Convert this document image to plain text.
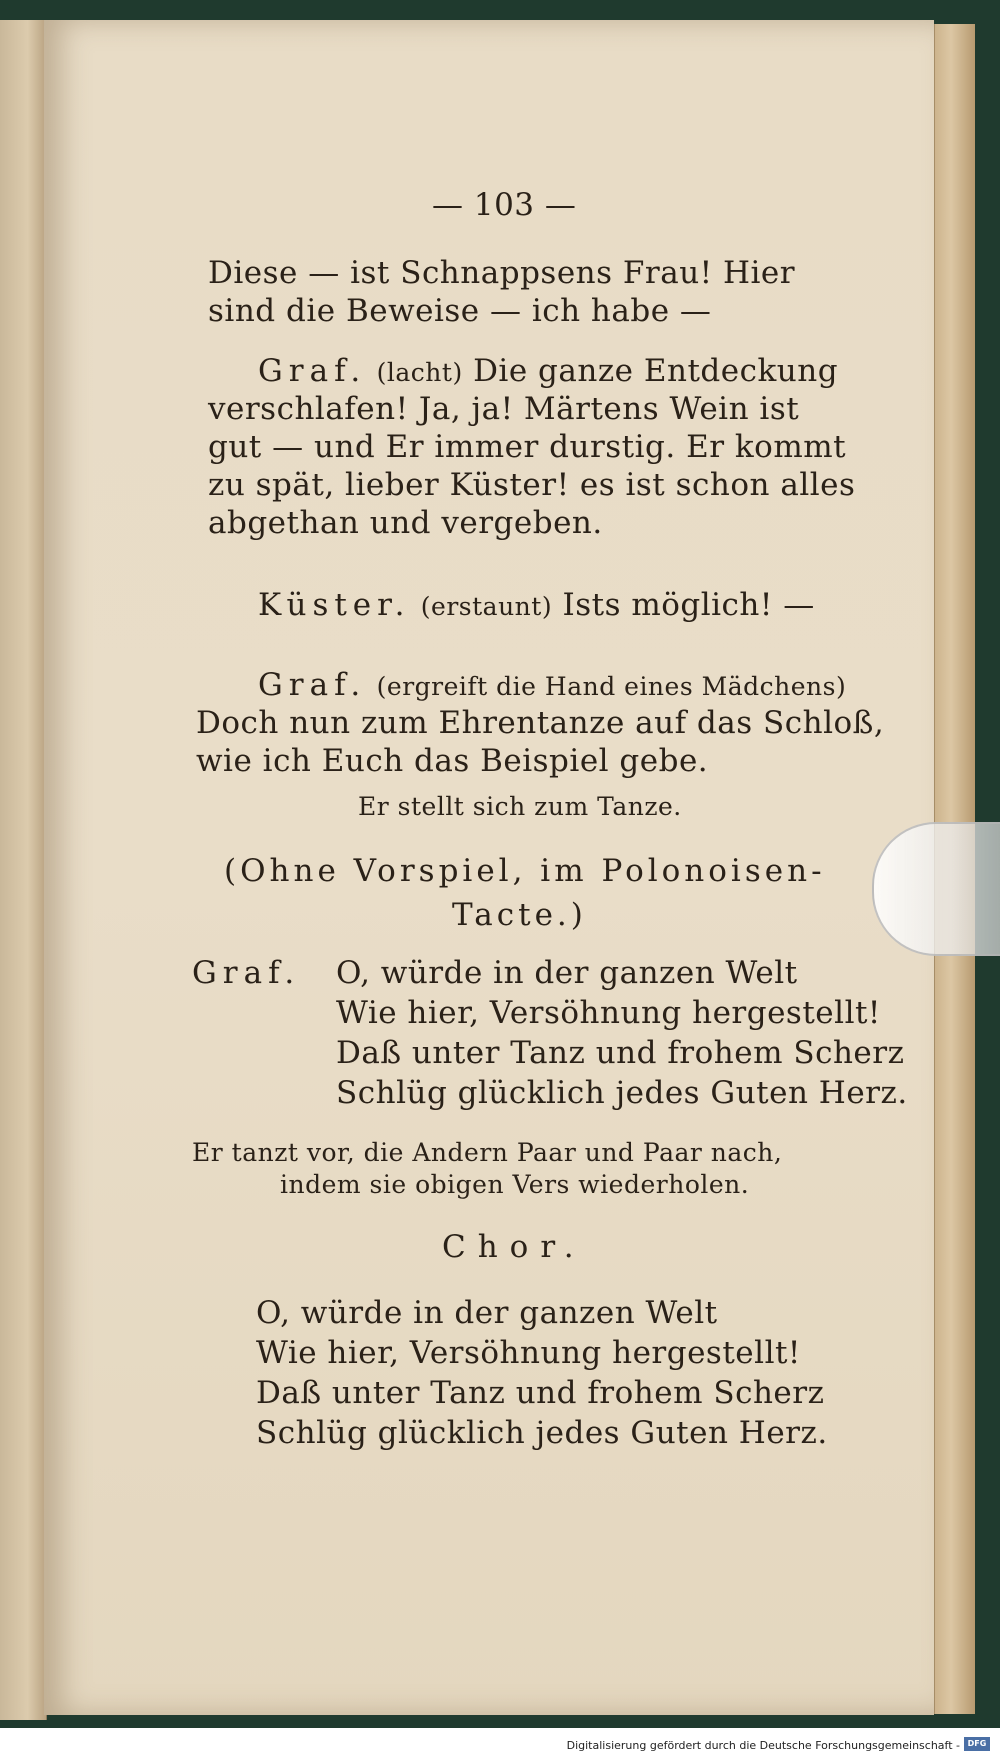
— 103 —
Diese — ist Schnappsens Frau! Hier
sind die Beweise — ich habe —
Graf. (lacht) Die ganze Entdeckung
verschlafen! Ja, ja! Märtens Wein ist
gut — und Er immer durstig. Er kommt
zu spät, lieber Küster! es ist schon alles
abgethan und vergeben.
Küster. (erstaunt) Ists möglich! —
Graf. (ergreift die Hand eines Mädchens)
Doch nun zum Ehrentanze auf das Schloß,
wie ich Euch das Beispiel gebe.
Er stellt sich zum Tanze.
(Ohne Vorspiel, im Polonoisen-
Tacte.)
Graf. O, würde in der ganzen Welt
Wie hier, Versöhnung hergestellt!
Daß unter Tanz und frohem Scherz
Schlüg glücklich jedes Guten Herz.
Er tanzt vor, die Andern Paar und Paar nach,
indem sie obigen Vers wiederholen.
Chor.
O, würde in der ganzen Welt
Wie hier, Versöhnung hergestellt!
Daß unter Tanz und frohem Scherz
Schlüg glücklich jedes Guten Herz.
Digitalisierung gefördert durch die Deutsche Forschungsgemeinschaft - DFG
